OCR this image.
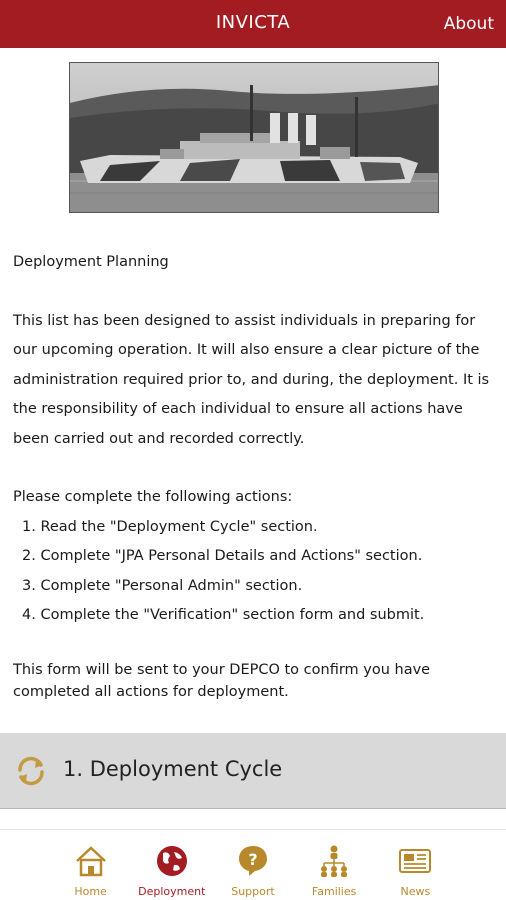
INVICTA	About
Deployment Planning
This list has been designed to assist individuals in preparing for our upcoming operation. It will also ensure a clear picture of the administration required prior to, and during, the deployment. It is the responsibility of each individual to ensure all actions have been carried out and recorded correctly.
Please complete the following actions:
1. Read the "Deployment Cycle" section.
2. Complete "JPA Personal Details and Actions" section.
3. Complete "Personal Admin" section.
4. Complete the "Verification" section form and submit.
This form will be sent to your DEPCO to confirm you have completed all actions for deployment.
1. Deployment Cycle
Home	Deployment
?
Support	Families	News
